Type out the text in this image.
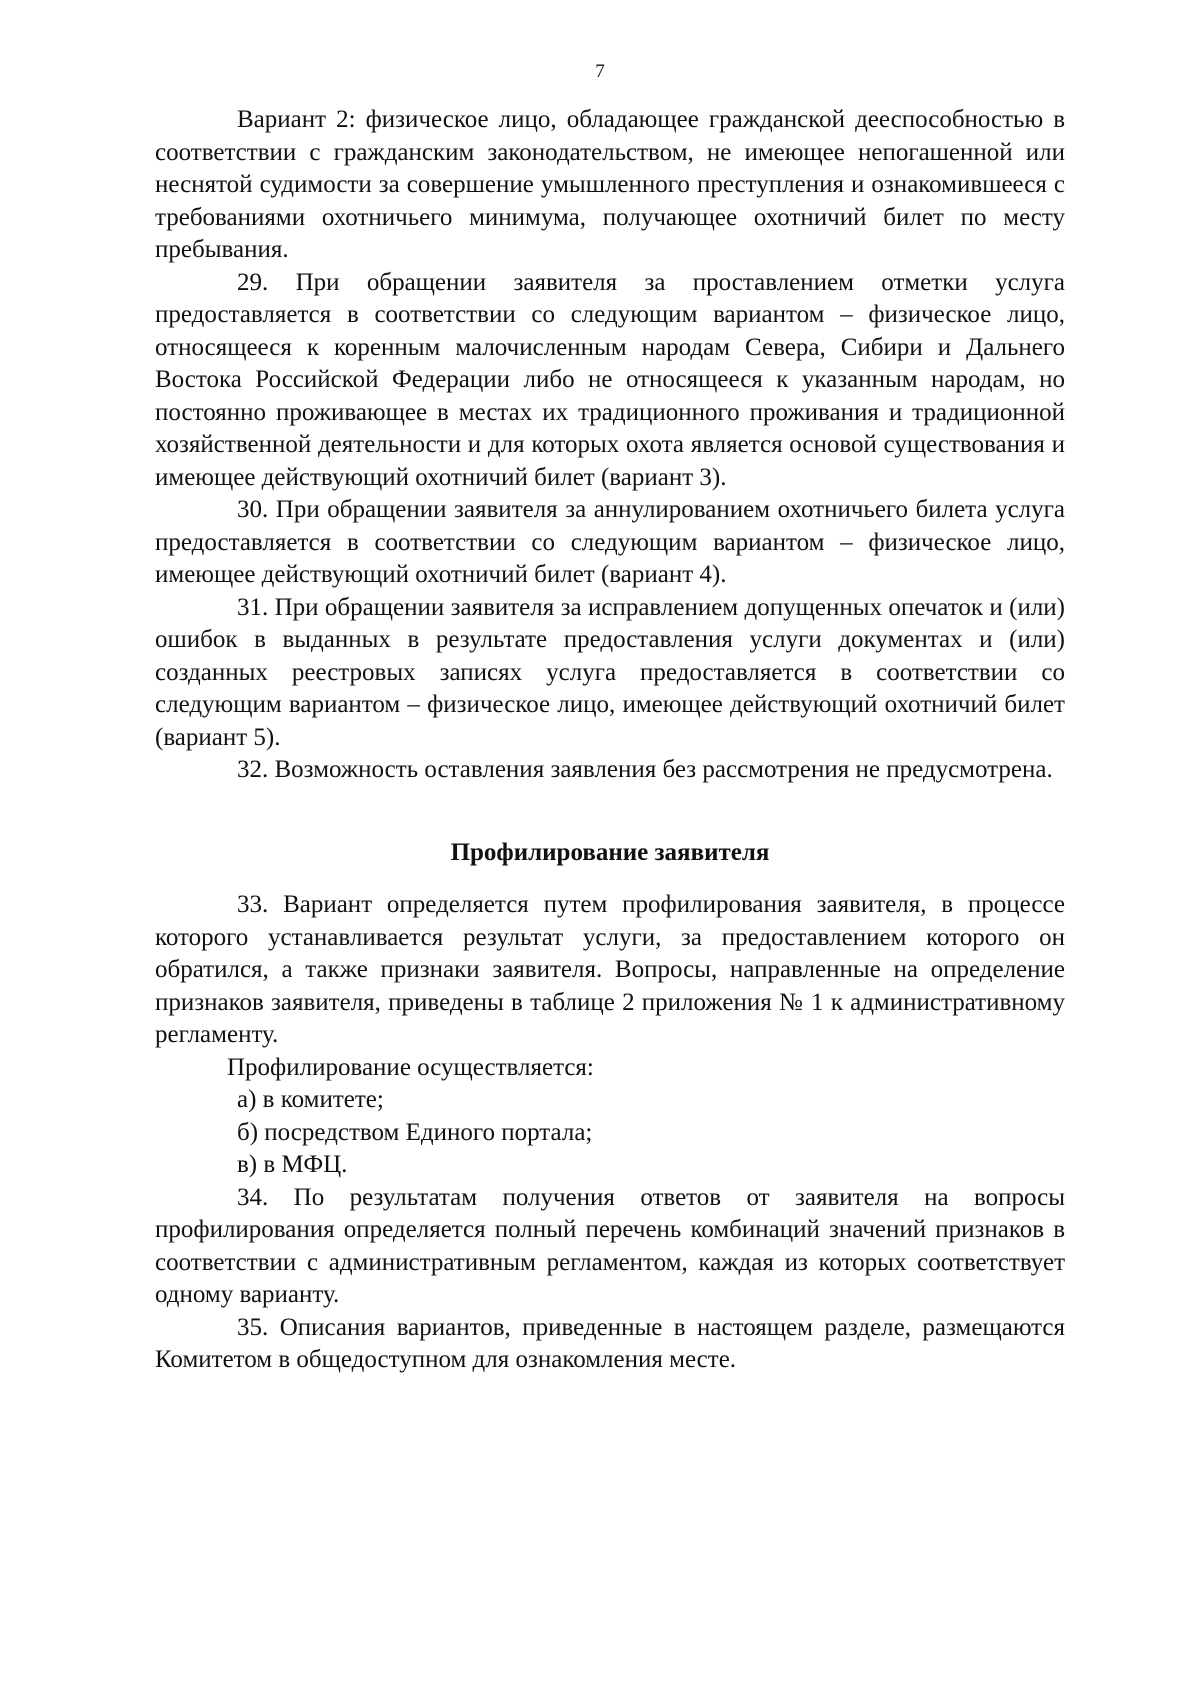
7

Вариант 2: физическое лицо, обладающее гражданской дееспособностью в соответствии с гражданским законодательством, не имеющее непогашенной или неснятой судимости за совершение умышленного преступления и ознакомившееся с требованиями охотничьего минимума, получающее охотничий билет по месту пребывания.

29. При обращении заявителя за проставлением отметки услуга предоставляется в соответствии со следующим вариантом – физическое лицо, относящееся к коренным малочисленным народам Севера, Сибири и Дальнего Востока Российской Федерации либо не относящееся к указанным народам, но постоянно проживающее в местах их традиционного проживания и традиционной хозяйственной деятельности и для которых охота является основой существования и имеющее действующий охотничий билет (вариант 3).

30. При обращении заявителя за аннулированием охотничьего билета услуга предоставляется в соответствии со следующим вариантом – физическое лицо, имеющее действующий охотничий билет (вариант 4).

31. При обращении заявителя за исправлением допущенных опечаток и (или) ошибок в выданных в результате предоставления услуги документах и (или) созданных реестровых записях услуга предоставляется в соответствии со следующим вариантом – физическое лицо, имеющее действующий охотничий билет (вариант 5).

32. Возможность оставления заявления без рассмотрения не предусмотрена.

Профилирование заявителя

33. Вариант определяется путем профилирования заявителя, в процессе которого устанавливается результат услуги, за предоставлением которого он обратился, а также признаки заявителя. Вопросы, направленные на определение признаков заявителя, приведены в таблице 2 приложения № 1 к административному регламенту.

Профилирование осуществляется:

а) в комитете;

б) посредством Единого портала;

в) в МФЦ.

34. По результатам получения ответов от заявителя на вопросы профилирования определяется полный перечень комбинаций значений признаков в соответствии с административным регламентом, каждая из которых соответствует одному варианту.

35. Описания вариантов, приведенные в настоящем разделе, размещаются Комитетом в общедоступном для ознакомления месте.
